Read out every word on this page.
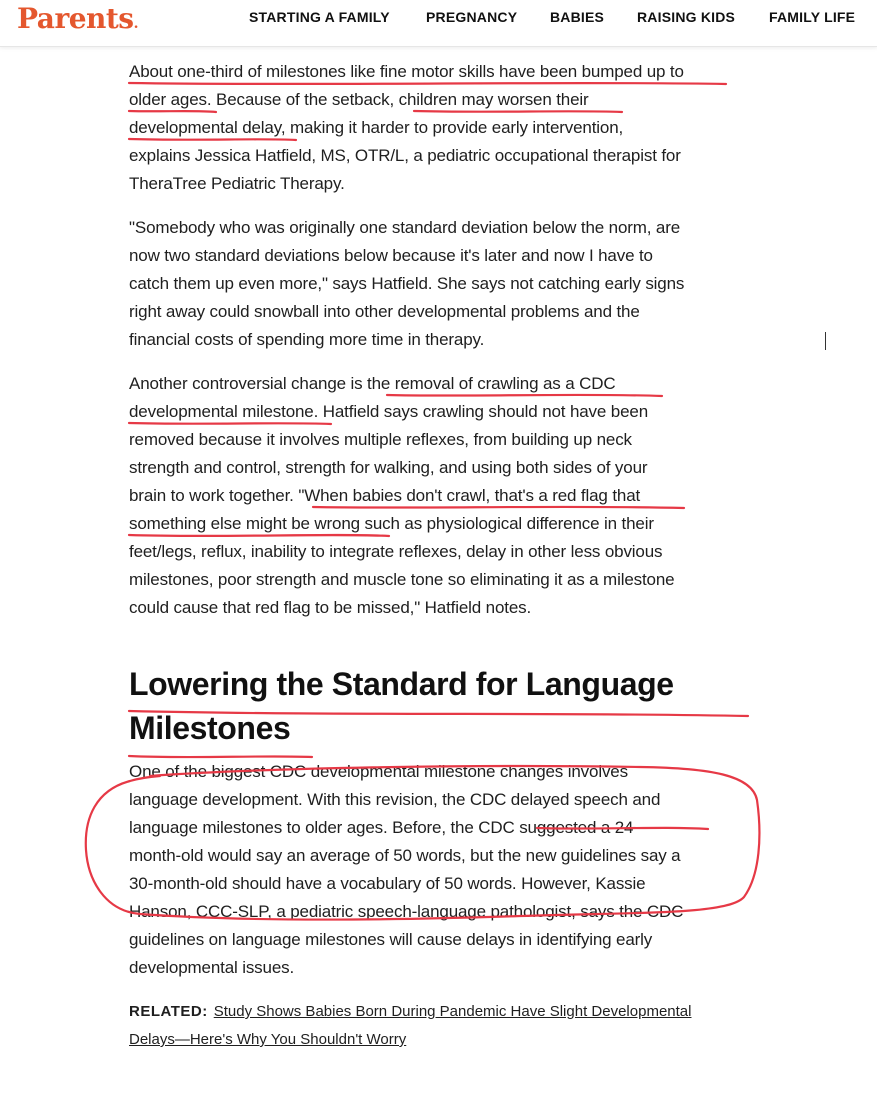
Parents.	STARTING A FAMILY	PREGNANCY BABIES RAISING KIDS FAMILY LIFE

About one-third of milestones like fine motor skills have been bumped up to
older ages. Because of the setback, children may worsen their
developmental delay, making it harder to provide early intervention,
explains Jessica Hatfield, MS, OTR/L, a pediatric occupational therapist for
TheraTree Pediatric Therapy.

"Somebody who was originally one standard deviation below the norm, are
now two standard deviations below because it's later and now I have to
catch them up even more," says Hatfield. She says not catching early signs
right away could snowball into other developmental problems and the
financial costs of spending more time in therapy.

Another controversial change is the removal of crawling as a CDC
developmental milestone. Hatfield says crawling should not have been
removed because it involves multiple reflexes, from building up neck
strength and control, strength for walking, and using both sides of your
brain to work together. "When babies don't crawl, that's a red flag that
something else might be wrong such as physiological difference in their
feet/legs, reflux, inability to integrate reflexes, delay in other less obvious
milestones, poor strength and muscle tone so eliminating it as a milestone
could cause that red flag to be missed," Hatfield notes.

Lowering the Standard for Language
Milestones

One of the biggest CDC developmental milestone changes involves
language development. With this revision, the CDC delayed speech and
language milestones to older ages. Before, the CDC suggested a 24-
month-old would say an average of 50 words, but the new guidelines say a
30-month-old should have a vocabulary of 50 words. However, Kassie
Hanson, CCC-SLP, a pediatric speech-language pathologist, says the CDC
guidelines on language milestones will cause delays in identifying early
developmental issues.

RELATED: Study Shows Babies Born During Pandemic Have Slight Developmental
Delays—Here's Why You Shouldn't Worry
